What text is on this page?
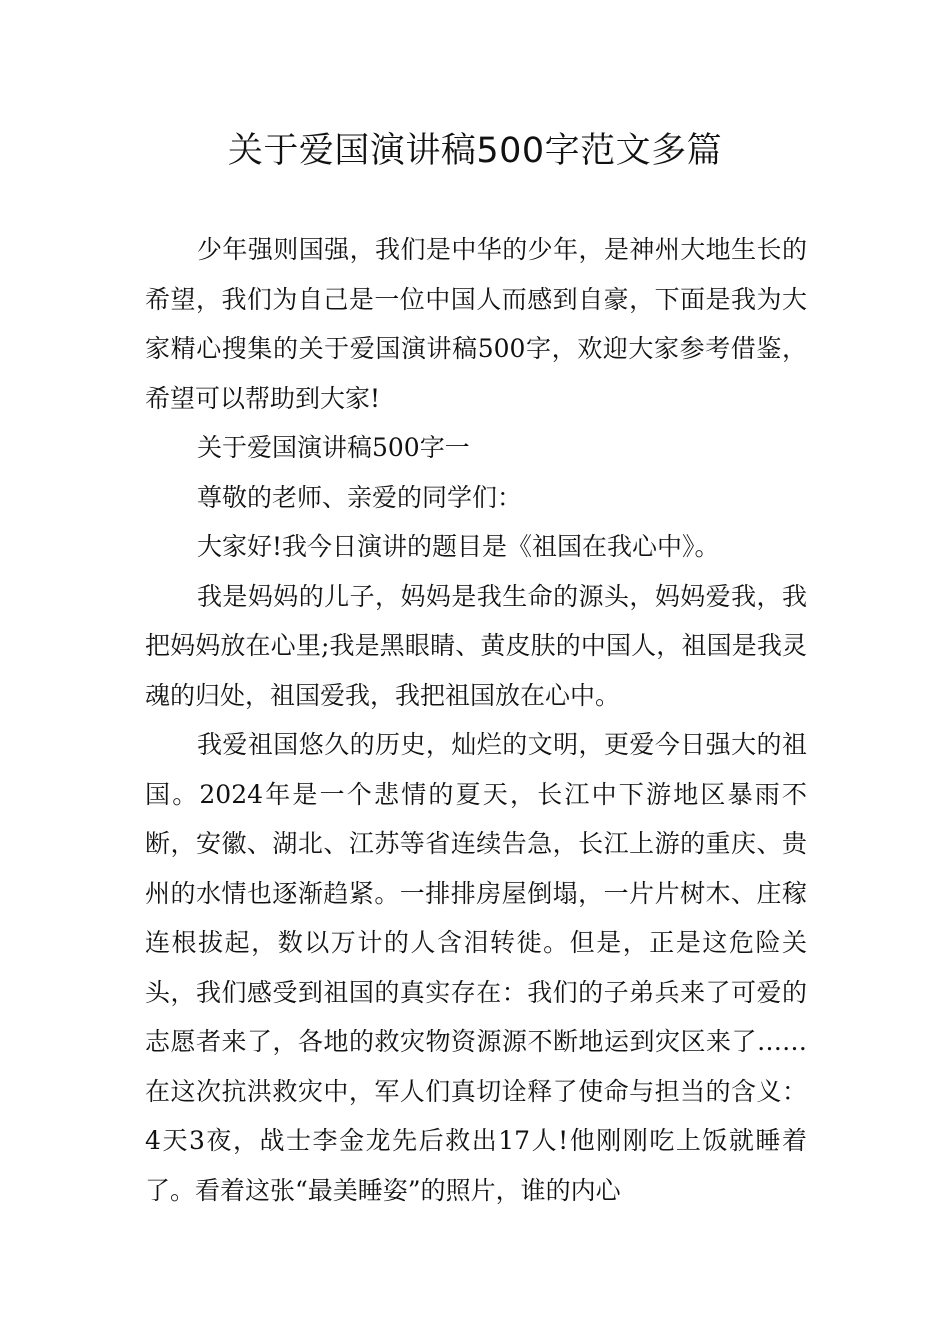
关于爱国演讲稿500字范文多篇

少年强则国强，我们是中华的少年，是神州大地生长的希望，我们为自己是一位中国人而感到自豪，下面是我为大家精心搜集的关于爱国演讲稿500字，欢迎大家参考借鉴，希望可以帮助到大家!

关于爱国演讲稿500字一

尊敬的老师、亲爱的同学们：

大家好!我今日演讲的题目是《祖国在我心中》。

我是妈妈的儿子，妈妈是我生命的源头，妈妈爱我，我把妈妈放在心里;我是黑眼睛、黄皮肤的中国人，祖国是我灵魂的归处，祖国爱我，我把祖国放在心中。

我爱祖国悠久的历史，灿烂的文明，更爱今日强大的祖国。2024年是一个悲情的夏天，长江中下游地区暴雨不断，安徽、湖北、江苏等省连续告急，长江上游的重庆、贵州的水情也逐渐趋紧。一排排房屋倒塌，一片片树木、庄稼连根拔起，数以万计的人含泪转徙。但是，正是这危险关头，我们感受到祖国的真实存在：我们的子弟兵来了可爱的志愿者来了，各地的救灾物资源源不断地运到灾区来了……在这次抗洪救灾中，军人们真切诠释了使命与担当的含义：4天3夜，战士李金龙先后救出17人!他刚刚吃上饭就睡着了。看着这张“最美睡姿”的照片，谁的内心
